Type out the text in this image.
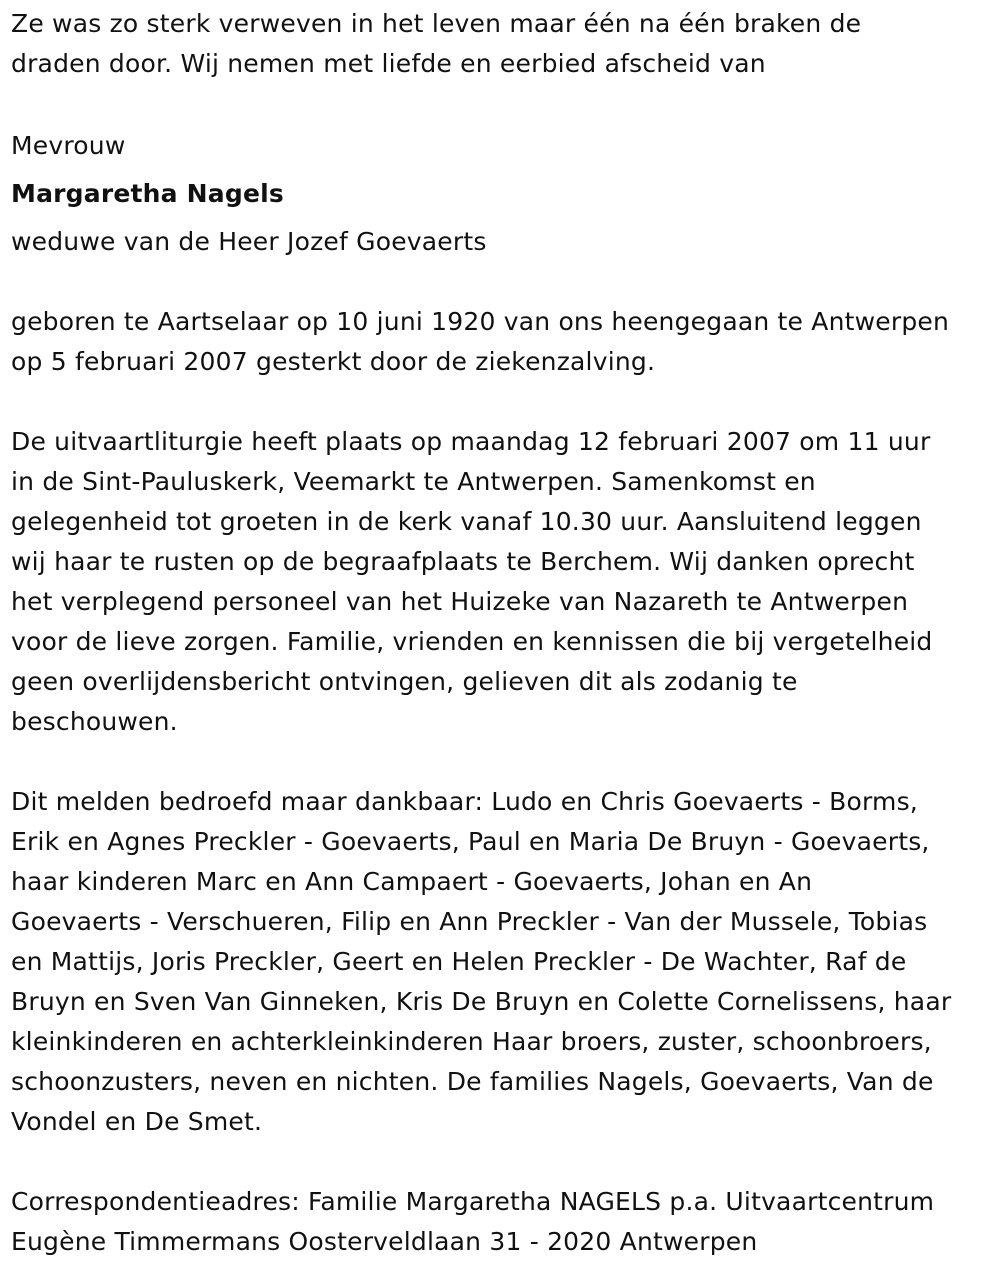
Ze was zo sterk verweven in het leven maar één na één braken de
draden door. Wij nemen met liefde en eerbied afscheid van

Mevrouw

Margaretha Nagels

weduwe van de Heer Jozef Goevaerts

geboren te Aartselaar op 10 juni 1920 van ons heengegaan te Antwerpen
op 5 februari 2007 gesterkt door de ziekenzalving.

De uitvaartliturgie heeft plaats op maandag 12 februari 2007 om 11 uur
in de Sint-Pauluskerk, Veemarkt te Antwerpen. Samenkomst en
gelegenheid tot groeten in de kerk vanaf 10.30 uur. Aansluitend leggen
wij haar te rusten op de begraafplaats te Berchem. Wij danken oprecht
het verplegend personeel van het Huizeke van Nazareth te Antwerpen
voor de lieve zorgen. Familie, vrienden en kennissen die bij vergetelheid
geen overlijdensbericht ontvingen, gelieven dit als zodanig te
beschouwen.

Dit melden bedroefd maar dankbaar: Ludo en Chris Goevaerts - Borms,
Erik en Agnes Preckler - Goevaerts, Paul en Maria De Bruyn - Goevaerts,
haar kinderen Marc en Ann Campaert - Goevaerts, Johan en An
Goevaerts - Verschueren, Filip en Ann Preckler - Van der Mussele, Tobias
en Mattijs, Joris Preckler, Geert en Helen Preckler - De Wachter, Raf de
Bruyn en Sven Van Ginneken, Kris De Bruyn en Colette Cornelissens, haar
kleinkinderen en achterkleinkinderen Haar broers, zuster, schoonbroers,
schoonzusters, neven en nichten. De families Nagels, Goevaerts, Van de
Vondel en De Smet.

Correspondentieadres: Familie Margaretha NAGELS p.a. Uitvaartcentrum
Eugène Timmermans Oosterveldlaan 31 - 2020 Antwerpen
